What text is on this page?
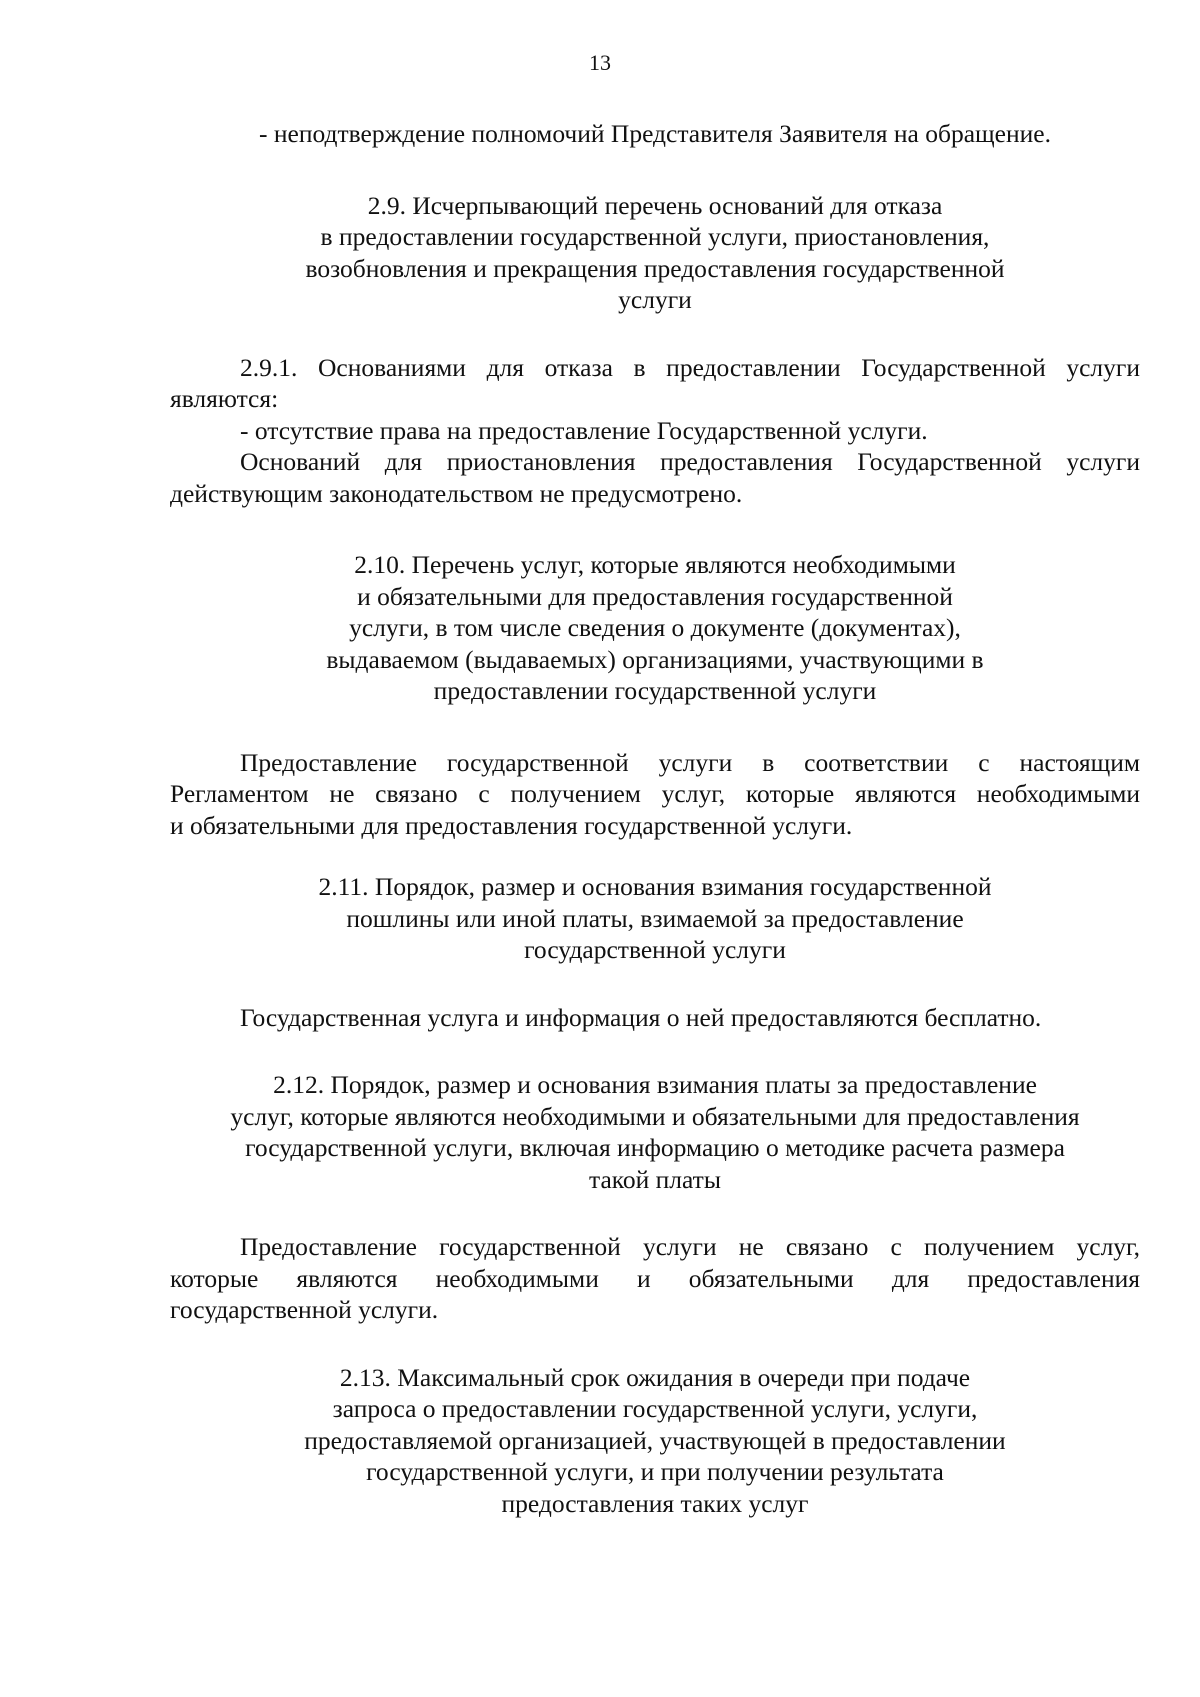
13
- неподтверждение полномочий Представителя Заявителя на обращение.
2.9. Исчерпывающий перечень оснований для отказа
в предоставлении государственной услуги, приостановления,
возобновления и прекращения предоставления государственной
услуги
2.9.1. Основаниями для отказа в предоставлении Государственной услуги
являются:
- отсутствие права на предоставление Государственной услуги.
Оснований для приостановления предоставления Государственной услуги
действующим законодательством не предусмотрено.
2.10. Перечень услуг, которые являются необходимыми
и обязательными для предоставления государственной
услуги, в том числе сведения о документе (документах),
выдаваемом (выдаваемых) организациями, участвующими в
предоставлении государственной услуги
Предоставление государственной услуги в соответствии с настоящим
Регламентом не связано с получением услуг, которые являются необходимыми
и обязательными для предоставления государственной услуги.
2.11. Порядок, размер и основания взимания государственной
пошлины или иной платы, взимаемой за предоставление
государственной услуги
Государственная услуга и информация о ней предоставляются бесплатно.
2.12. Порядок, размер и основания взимания платы за предоставление
услуг, которые являются необходимыми и обязательными для предоставления
государственной услуги, включая информацию о методике расчета размера
такой платы
Предоставление государственной услуги не связано с получением услуг,
которые являются необходимыми и обязательными для предоставления
государственной услуги.
2.13. Максимальный срок ожидания в очереди при подаче
запроса о предоставлении государственной услуги, услуги,
предоставляемой организацией, участвующей в предоставлении
государственной услуги, и при получении результата
предоставления таких услуг
